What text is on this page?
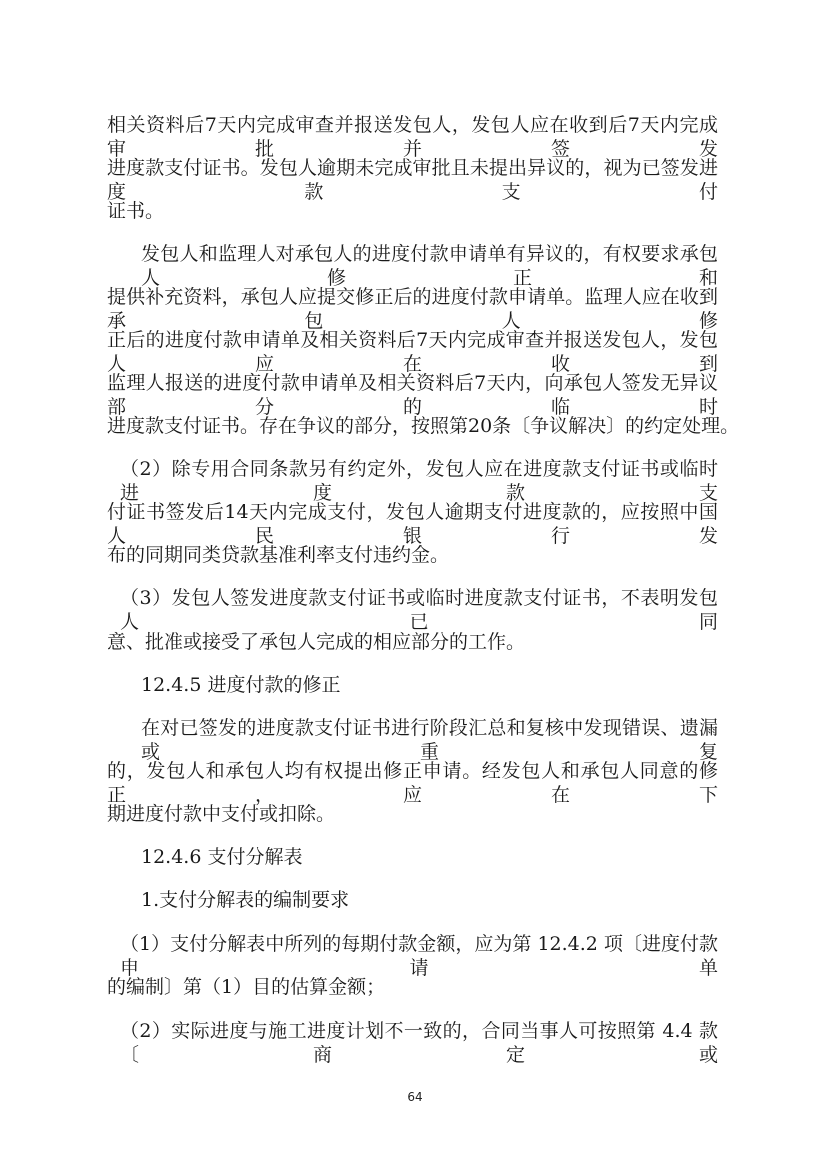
相关资料后7天内完成审查并报送发包人，发包人应在收到后7天内完成审批并签发
进度款支付证书。发包人逾期未完成审批且未提出异议的，视为已签发进度款支付
证书。
发包人和监理人对承包人的进度付款申请单有异议的，有权要求承包人修正和
提供补充资料，承包人应提交修正后的进度付款申请单。监理人应在收到承包人修
正后的进度付款申请单及相关资料后7天内完成审查并报送发包人，发包人应在收到
监理人报送的进度付款申请单及相关资料后7天内，向承包人签发无异议部分的临时
进度款支付证书。存在争议的部分，按照第20条〔争议解决〕的约定处理。
（2）除专用合同条款另有约定外，发包人应在进度款支付证书或临时进度款支
付证书签发后14天内完成支付，发包人逾期支付进度款的，应按照中国人民银行发
布的同期同类贷款基准利率支付违约金。
（3）发包人签发进度款支付证书或临时进度款支付证书，不表明发包人已同
意、批准或接受了承包人完成的相应部分的工作。
12.4.5 进度付款的修正
在对已签发的进度款支付证书进行阶段汇总和复核中发现错误、遗漏或重复
的，发包人和承包人均有权提出修正申请。经发包人和承包人同意的修正，应在下
期进度付款中支付或扣除。
12.4.6 支付分解表
1.支付分解表的编制要求
（1）支付分解表中所列的每期付款金额，应为第 12.4.2 项〔进度付款申请单
的编制〕第（1）目的估算金额；
（2）实际进度与施工进度计划不一致的，合同当事人可按照第 4.4 款〔商定或
64
